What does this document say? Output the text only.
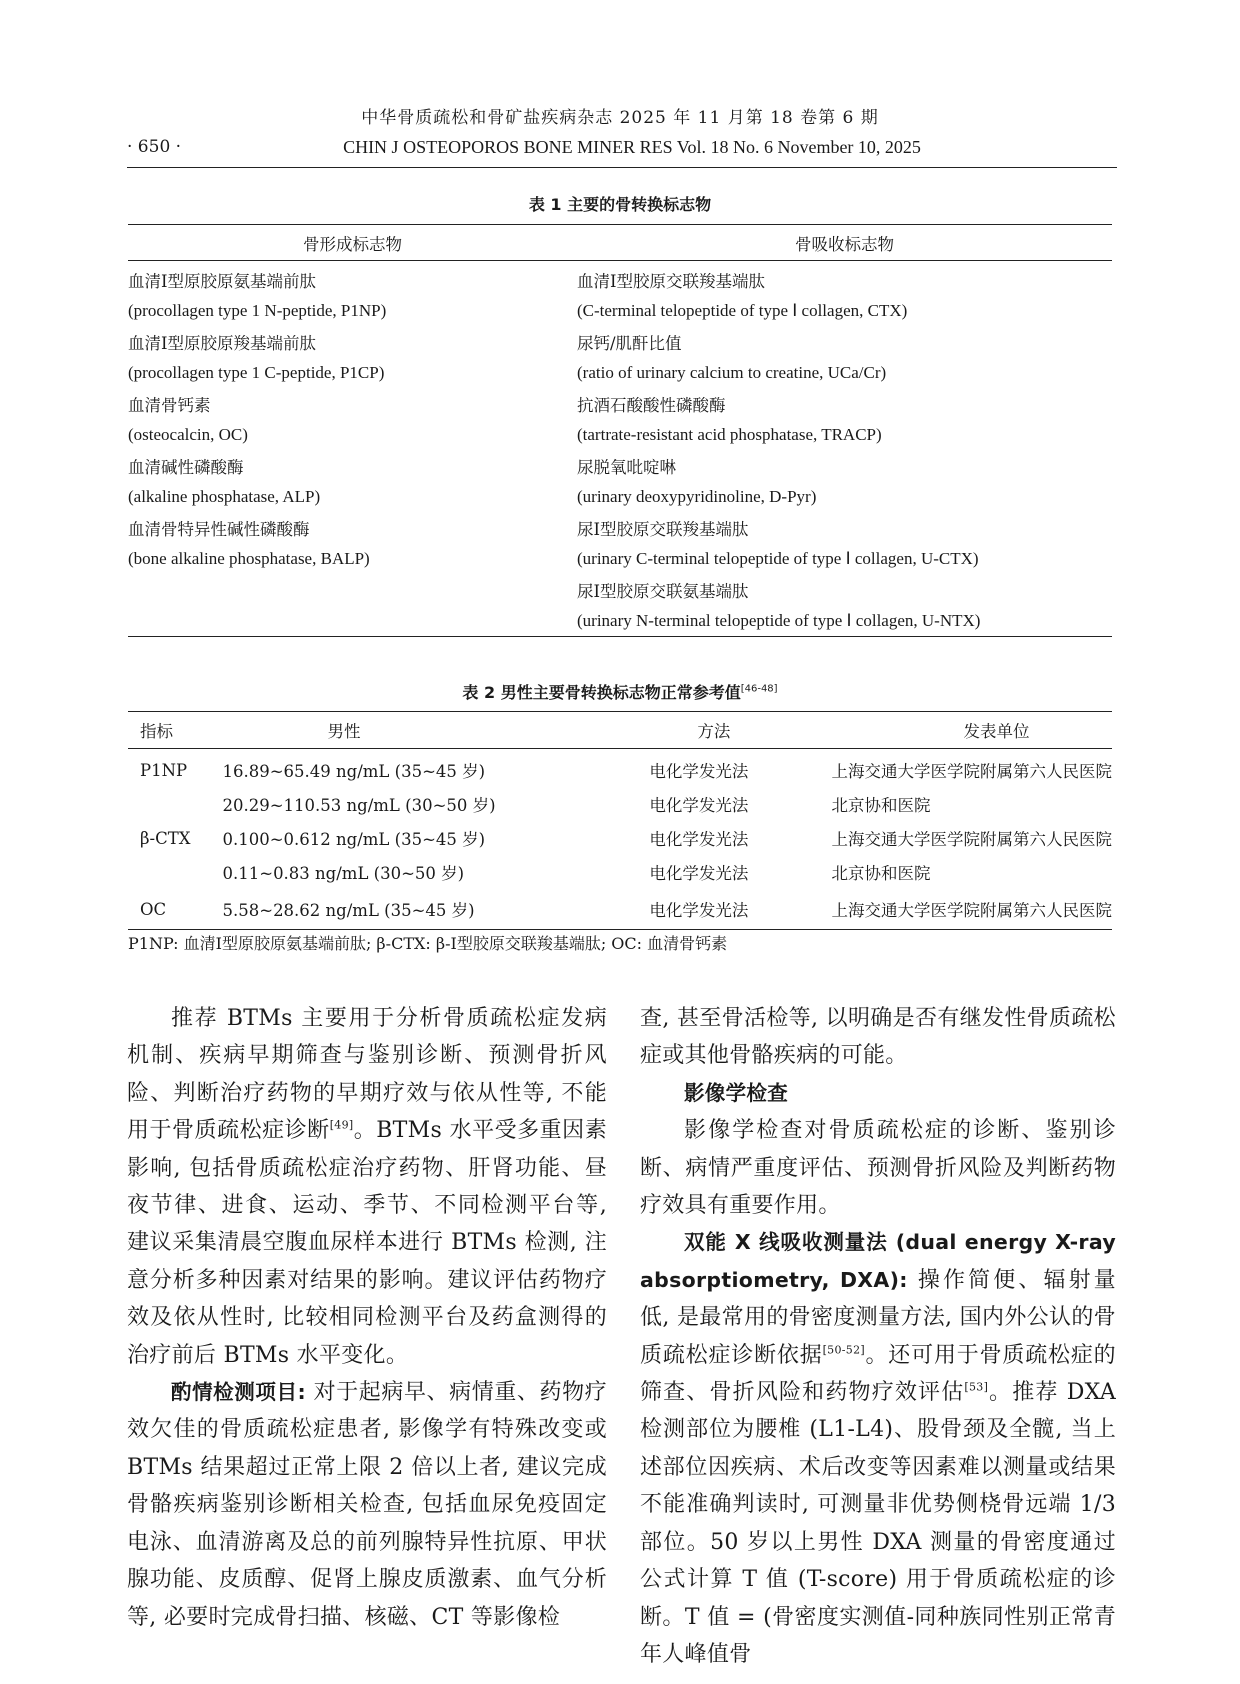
中华骨质疏松和骨矿盐疾病杂志 2025 年 11 月第 18 卷第 6 期
· 650 ·	CHIN J OSTEOPOROS BONE MINER RES Vol. 18 No. 6 November 10, 2025
表 1 主要的骨转换标志物
骨形成标志物	骨吸收标志物
血清Ⅰ型原胶原氨基端前肽	血清Ⅰ型胶原交联羧基端肽
(procollagen type 1 N-peptide, P1NP)	(C-terminal telopeptide of type Ⅰ collagen, CTX)
血清Ⅰ型原胶原羧基端前肽	尿钙/肌酐比值
(procollagen type 1 C-peptide, P1CP)	(ratio of urinary calcium to creatine, UCa/Cr)
血清骨钙素	抗酒石酸酸性磷酸酶
(osteocalcin, OC)	(tartrate-resistant acid phosphatase, TRACP)
血清碱性磷酸酶	尿脱氧吡啶啉
(alkaline phosphatase, ALP)	(urinary deoxypyridinoline, D-Pyr)
血清骨特异性碱性磷酸酶	尿Ⅰ型胶原交联羧基端肽
(bone alkaline phosphatase, BALP)	(urinary C-terminal telopeptide of type Ⅰ collagen, U-CTX)
	尿Ⅰ型胶原交联氨基端肽
	(urinary N-terminal telopeptide of type Ⅰ collagen, U-NTX)
表 2 男性主要骨转换标志物正常参考值[46-48]
指标	男性	方法	发表单位
P1NP	16.89~65.49 ng/mL (35~45 岁)	电化学发光法	上海交通大学医学院附属第六人民医院
	20.29~110.53 ng/mL (30~50 岁)	电化学发光法	北京协和医院
β-CTX	0.100~0.612 ng/mL (35~45 岁)	电化学发光法	上海交通大学医学院附属第六人民医院
	0.11~0.83 ng/mL (30~50 岁)	电化学发光法	北京协和医院
OC	5.58~28.62 ng/mL (35~45 岁)	电化学发光法	上海交通大学医学院附属第六人民医院
P1NP: 血清Ⅰ型原胶原氨基端前肽; β-CTX: β-Ⅰ型胶原交联羧基端肽; OC: 血清骨钙素

推荐 BTMs 主要用于分析骨质疏松症发病机制、疾病早期筛查与鉴别诊断、预测骨折风险、判断治疗药物的早期疗效与依从性等, 不能用于骨质疏松症诊断[49]。BTMs 水平受多重因素影响, 包括骨质疏松症治疗药物、肝肾功能、昼夜节律、进食、运动、季节、不同检测平台等, 建议采集清晨空腹血尿样本进行 BTMs 检测, 注意分析多种因素对结果的影响。建议评估药物疗效及依从性时, 比较相同检测平台及药盒测得的治疗前后 BTMs 水平变化。

酌情检测项目: 对于起病早、病情重、药物疗效欠佳的骨质疏松症患者, 影像学有特殊改变或 BTMs 结果超过正常上限 2 倍以上者, 建议完成骨骼疾病鉴别诊断相关检查, 包括血尿免疫固定电泳、血清游离及总的前列腺特异性抗原、甲状腺功能、皮质醇、促肾上腺皮质激素、血气分析等, 必要时完成骨扫描、核磁、CT 等影像检

查, 甚至骨活检等, 以明确是否有继发性骨质疏松症或其他骨骼疾病的可能。

影像学检查

影像学检查对骨质疏松症的诊断、鉴别诊断、病情严重度评估、预测骨折风险及判断药物疗效具有重要作用。

双能 X 线吸收测量法 (dual energy X-ray absorptiometry, DXA): 操作简便、辐射量低, 是最常用的骨密度测量方法, 国内外公认的骨质疏松症诊断依据[50-52]。还可用于骨质疏松症的筛查、骨折风险和药物疗效评估[53]。推荐 DXA 检测部位为腰椎 (L1-L4)、股骨颈及全髋, 当上述部位因疾病、术后改变等因素难以测量或结果不能准确判读时, 可测量非优势侧桡骨远端 1/3 部位。50 岁以上男性 DXA 测量的骨密度通过公式计算 T 值 (T-score) 用于骨质疏松症的诊断。T 值 = (骨密度实测值-同种族同性别正常青年人峰值骨
